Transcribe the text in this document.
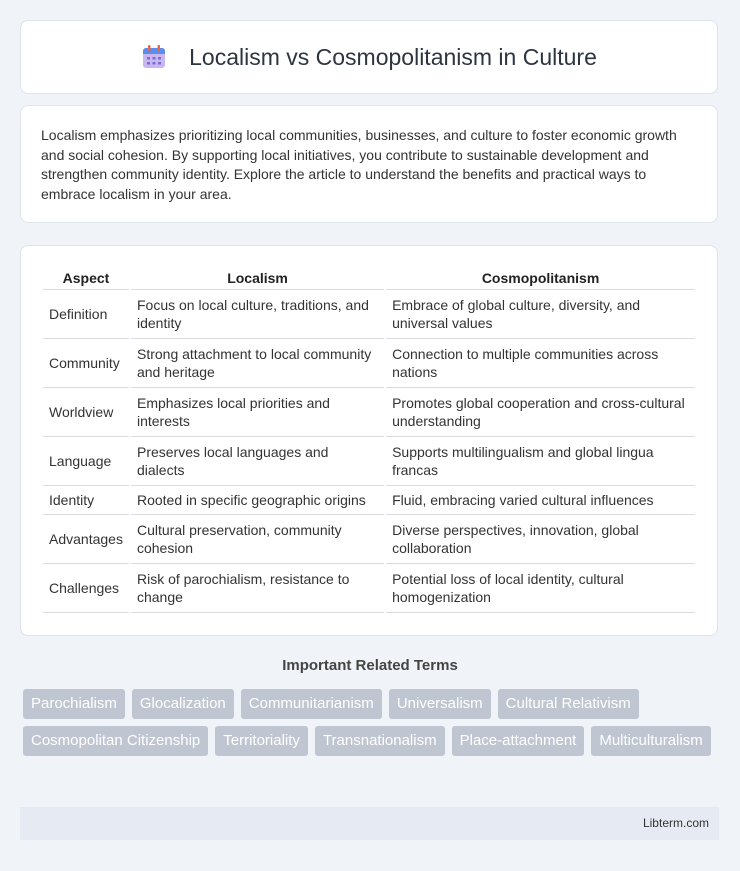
Localism vs Cosmopolitanism in Culture

Localism emphasizes prioritizing local communities, businesses, and culture to foster economic growth and social cohesion. By supporting local initiatives, you contribute to sustainable development and strengthen community identity. Explore the article to understand the benefits and practical ways to embrace localism in your area.

Aspect	Localism	Cosmopolitanism
Definition	Focus on local culture, traditions, and identity	Embrace of global culture, diversity, and universal values
Community	Strong attachment to local community and heritage	Connection to multiple communities across nations
Worldview	Emphasizes local priorities and interests	Promotes global cooperation and cross-cultural understanding
Language	Preserves local languages and dialects	Supports multilingualism and global lingua francas
Identity	Rooted in specific geographic origins	Fluid, embracing varied cultural influences
Advantages	Cultural preservation, community cohesion	Diverse perspectives, innovation, global collaboration
Challenges	Risk of parochialism, resistance to change	Potential loss of local identity, cultural homogenization
Important Related Terms
Parochialism	Glocalization	Communitarianism	Universalism	Cultural Relativism
Cosmopolitan Citizenship	Territoriality	Transnationalism	Place-attachment	Multiculturalism
Libterm.com
